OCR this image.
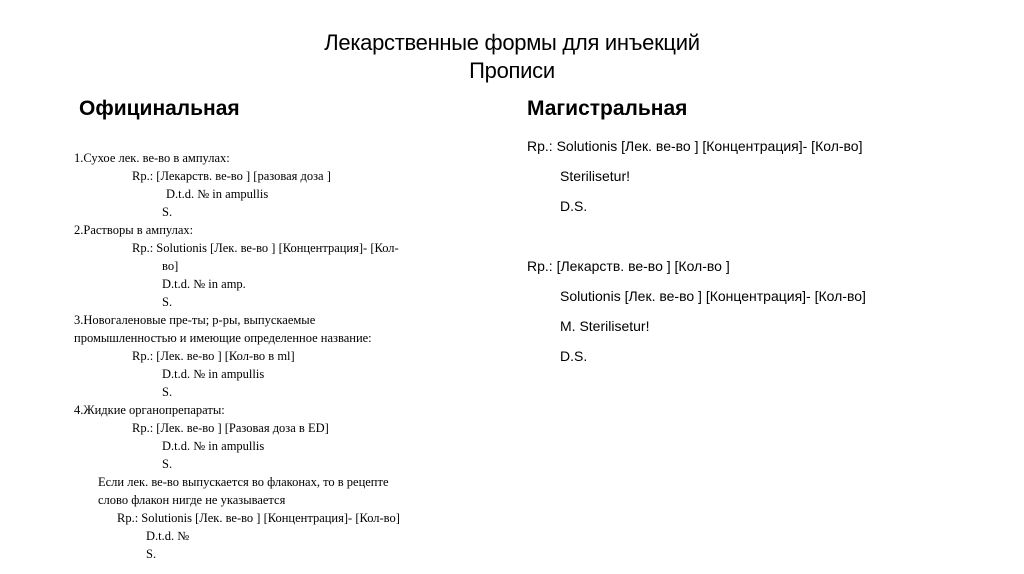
Лекарственные формы для инъекций
Прописи
Официнальная	Магистральная
1.Сухое лек. ве-во в ампулах:
Rp.: [Лекарств. ве-во ] [разовая доза ]
D.t.d. № in ampullis
S.
2.Растворы в ампулах:
Rp.: Solutionis [Лек. ве-во ] [Концентрация]- [Кол-
во]
D.t.d. № in amp.
S.
3.Новогаленовые пре-ты; р-ры, выпускаемые
промышленностью и имеющие определенное название:
Rp.: [Лек. ве-во ] [Кол-во в ml]
D.t.d. № in ampullis
S.
4.Жидкие органопрепараты:
Rp.: [Лек. ве-во ] [Разовая доза в ED]
D.t.d. № in ampullis
S.
Если лек. ве-во выпускается во флаконах, то в рецепте
слово флакон нигде не указывается
Rp.: Solutionis [Лек. ве-во ] [Концентрация]- [Кол-во]
D.t.d. №
S.
Rp.: Solutionis [Лек. ве-во ] [Концентрация]- [Кол-во]
Sterilisetur!
D.S.
Rp.: [Лекарств. ве-во ] [Кол-во ]
Solutionis [Лек. ве-во ] [Концентрация]- [Кол-во]
M. Sterilisetur!
D.S.
